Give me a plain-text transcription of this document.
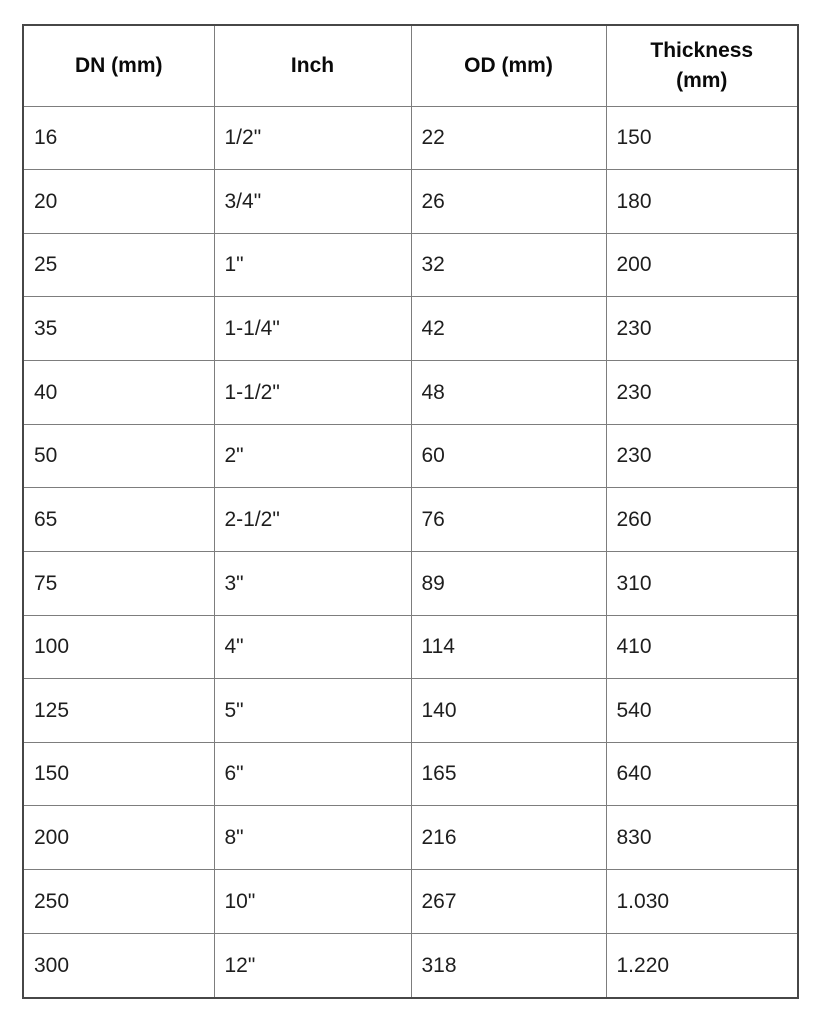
DN (mm)	Inch	OD (mm)	Thickness (mm)
16	1/2"	22	150
20	3/4"	26	180
25	1"	32	200
35	1-1/4"	42	230
40	1-1/2"	48	230
50	2"	60	230
65	2-1/2"	76	260
75	3"	89	310
100	4"	114	410
125	5"	140	540
150	6"	165	640
200	8"	216	830
250	10"	267	1.030
300	12"	318	1.220
